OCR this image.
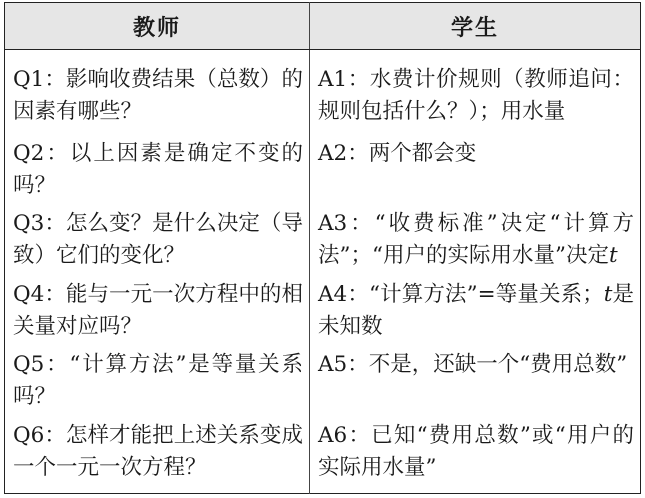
教师	学生
Q1：影响收费结果（总数）的因素有哪些？	A1：水费计价规则（教师追问：规则包括什么？）；用水量
Q2：以上因素是确定不变的吗？	A2：两个都会变
Q3：怎么变？是什么决定（导致）它们的变化？	A3：“收费标准”决定“计算方法”；“用户的实际用水量”决定t
Q4：能与一元一次方程中的相关量对应吗？	A4：“计算方法”=等量关系；t是未知数
Q5：“计算方法”是等量关系吗？	A5：不是，还缺一个“费用总数”
Q6：怎样才能把上述关系变成一个一元一次方程？	A6：已知“费用总数”或“用户的实际用水量”
